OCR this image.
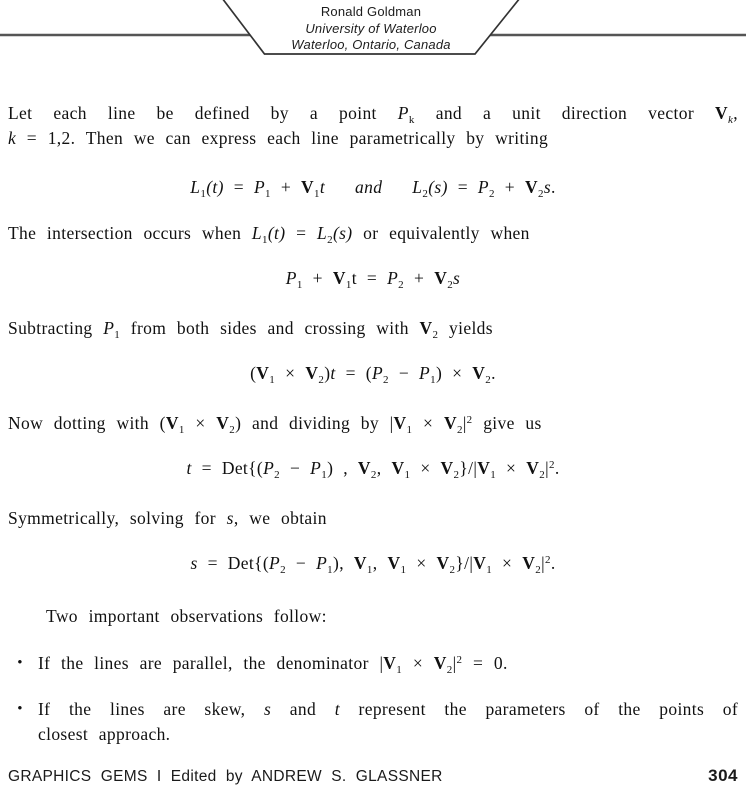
Ronald Goldman
University of Waterloo
Waterloo, Ontario, Canada
Let each line be defined by a point $P_k$ and a unit direction vector $V_k$,
k = 1,2. Then we can express each line parametrically by writing
$L_1(t) = P_1 + V_1t$ and $L_2(s) = P_2 + V_2s$.
The intersection occurs when $L_1(t) = L_2(s)$ or equivalently when
$P_1 + V_1t = P_2 + V_2s$
Subtracting $P_1$ from both sides and crossing with $V_2$ yields
$(V_1 \times V_2)t = (P_2 - P_1) \times V_2$.
Now dotting with $(V_1 \times V_2)$ and dividing by $|V_1 \times V_2|^2$ give us
$t = Det\{(P_2 - P_1)$ , $V_2$, $V_1 \times V_2\}/|V_1 \times V_2|^2$.
Symmetrically, solving for s, we obtain
$s = Det\{(P_2 - P_1)$, $V_1$, $V_1 \times V_2\}/|V_1 \times V_2|^2$.
Two important observations follow:
• If the lines are parallel, the denominator $|V_1 \times V_2|^2 = 0$.
• If the lines are skew, s and t represent the parameters of the points of
closest approach.
GRAPHICS GEMS I Edited by ANDREW S. GLASSNER	304
